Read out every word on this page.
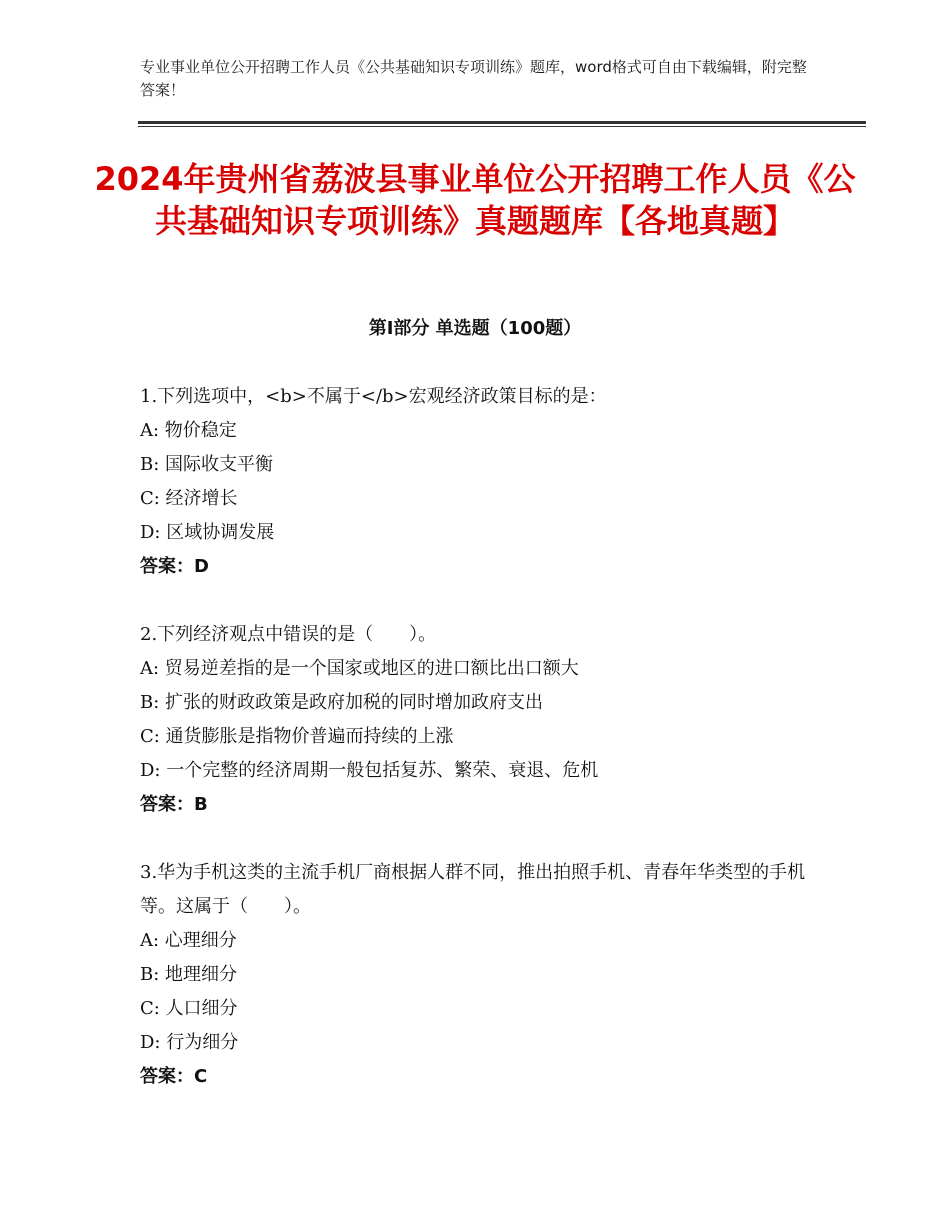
专业事业单位公开招聘工作人员《公共基础知识专项训练》题库，word格式可自由下载编辑，附完整答案！

2024年贵州省荔波县事业单位公开招聘工作人员《公共基础知识专项训练》真题题库【各地真题】
第Ⅰ部分 单选题（100题）

1.下列选项中，<b>不属于</b>宏观经济政策目标的是：

A: 物价稳定
B: 国际收支平衡
C: 经济增长
D: 区域协调发展

答案：D

2.下列经济观点中错误的是（　　）。

A: 贸易逆差指的是一个国家或地区的进口额比出口额大
B: 扩张的财政政策是政府加税的同时增加政府支出
C: 通货膨胀是指物价普遍而持续的上涨
D: 一个完整的经济周期一般包括复苏、繁荣、衰退、危机

答案：B

3.华为手机这类的主流手机厂商根据人群不同，推出拍照手机、青春年华类型的手机等。这属于（　　）。

A: 心理细分
B: 地理细分
C: 人口细分
D: 行为细分

答案：C
